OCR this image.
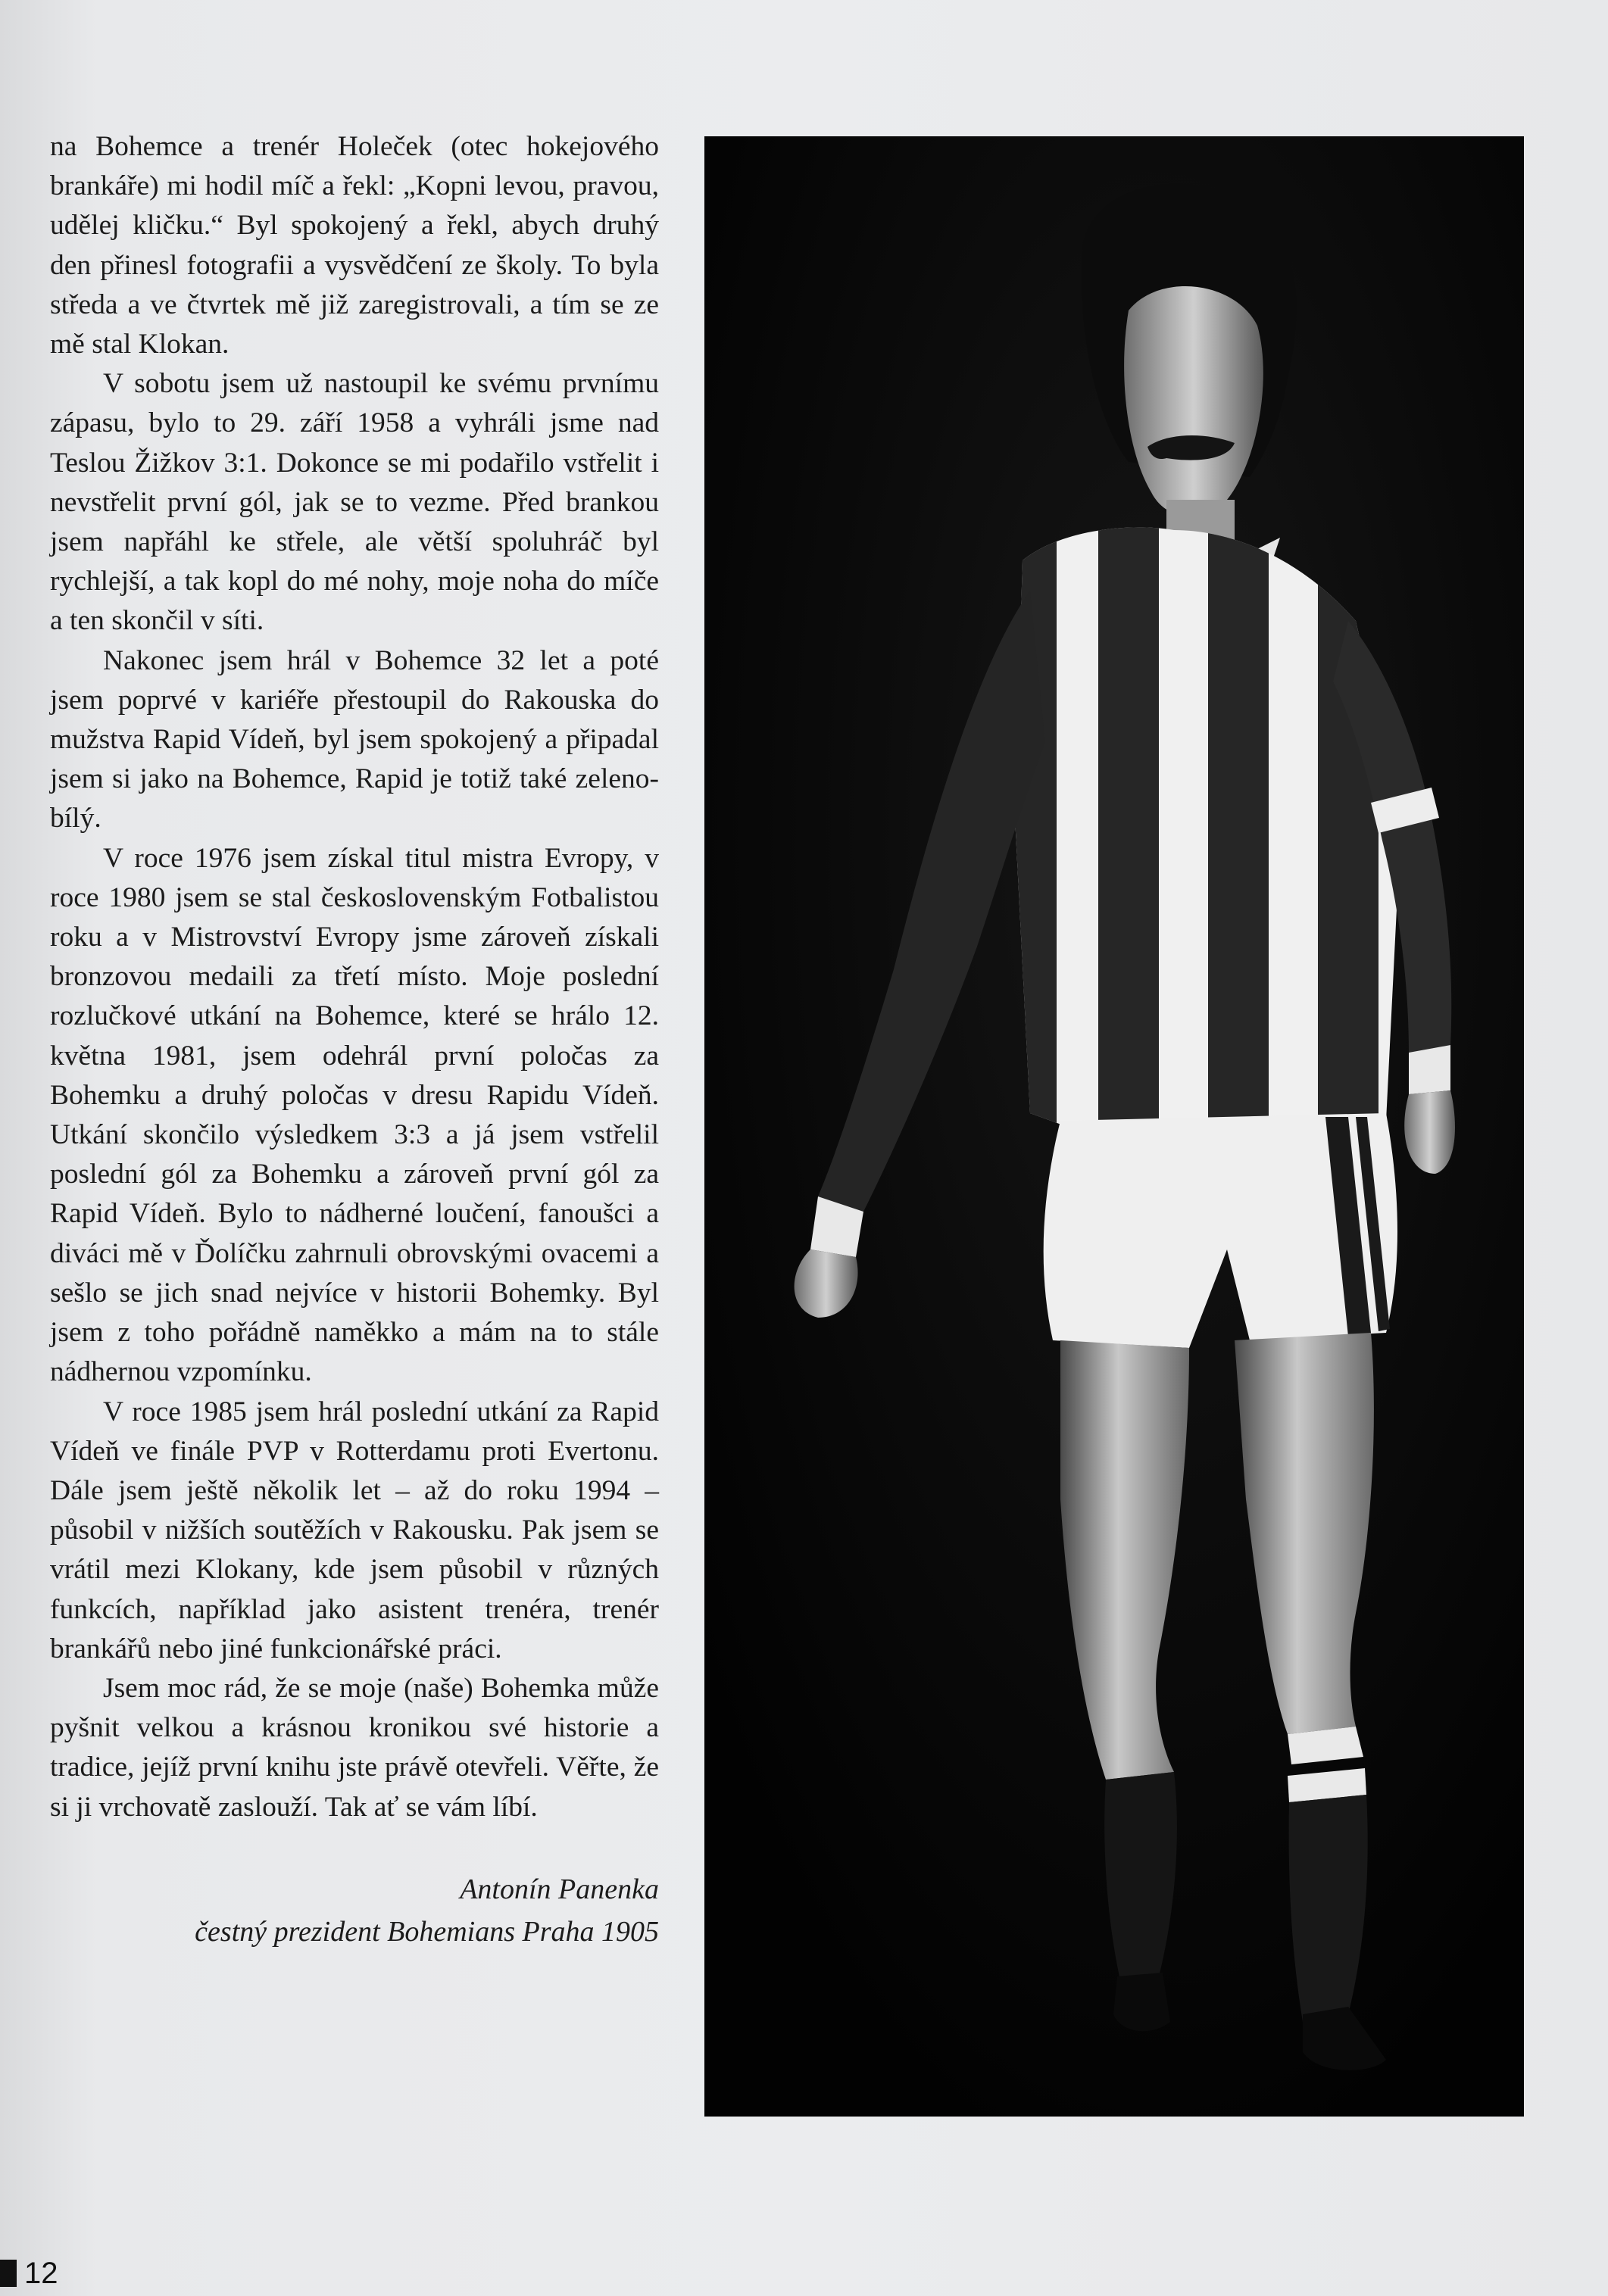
na Bohemce a trenér Holeček (otec hokejového brankáře) mi hodil míč a řekl: „Kopni levou, pravou, udělej kličku.“ Byl spokojený a řekl, abych druhý den přinesl fotografii a vysvědčení ze školy. To byla středa a ve čtvrtek mě již zaregistrovali, a tím se ze mě stal Klokan.

V sobotu jsem už nastoupil ke svému prvnímu zápasu, bylo to 29. září 1958 a vyhráli jsme nad Teslou Žižkov 3:1. Dokonce se mi podařilo vstřelit i nevstřelit první gól, jak se to vezme. Před brankou jsem napřáhl ke střele, ale větší spoluhráč byl rychlejší, a tak kopl do mé nohy, moje noha do míče a ten skončil v síti.

Nakonec jsem hrál v Bohemce 32 let a poté jsem poprvé v kariéře přestoupil do Rakouska do mužstva Rapid Vídeň, byl jsem spokojený a připadal jsem si jako na Bohemce, Rapid je totiž také zeleno-bílý.

V roce 1976 jsem získal titul mistra Evropy, v roce 1980 jsem se stal československým Fotbalistou roku a v Mistrovství Evropy jsme zároveň získali bronzovou medaili za třetí místo. Moje poslední rozlučkové utkání na Bohemce, které se hrálo 12. května 1981, jsem odehrál první poločas za Bohemku a druhý poločas v dresu Rapidu Vídeň. Utkání skončilo výsledkem 3:3 a já jsem vstřelil poslední gól za Bohemku a zároveň první gól za Rapid Vídeň. Bylo to nádherné loučení, fanoušci a diváci mě v Ďolíčku zahrnuli obrovskými ovacemi a sešlo se jich snad nejvíce v historii Bohemky. Byl jsem z toho pořádně naměkko a mám na to stále nádhernou vzpomínku.

V roce 1985 jsem hrál poslední utkání za Rapid Vídeň ve finále PVP v Rotterdamu proti Evertonu. Dále jsem ještě několik let – až do roku 1994 – působil v nižších soutěžích v Rakousku. Pak jsem se vrátil mezi Klokany, kde jsem působil v různých funkcích, například jako asistent trenéra, trenér brankářů nebo jiné funkcionářské práci.

Jsem moc rád, že se moje (naše) Bohemka může pyšnit velkou a krásnou kronikou své historie a tradice, jejíž první knihu jste právě otevřeli. Věřte, že si ji vrchovatě zaslouží. Tak ať se vám líbí.

Antonín Panenka
čestný prezident Bohemians Praha 1905
12
